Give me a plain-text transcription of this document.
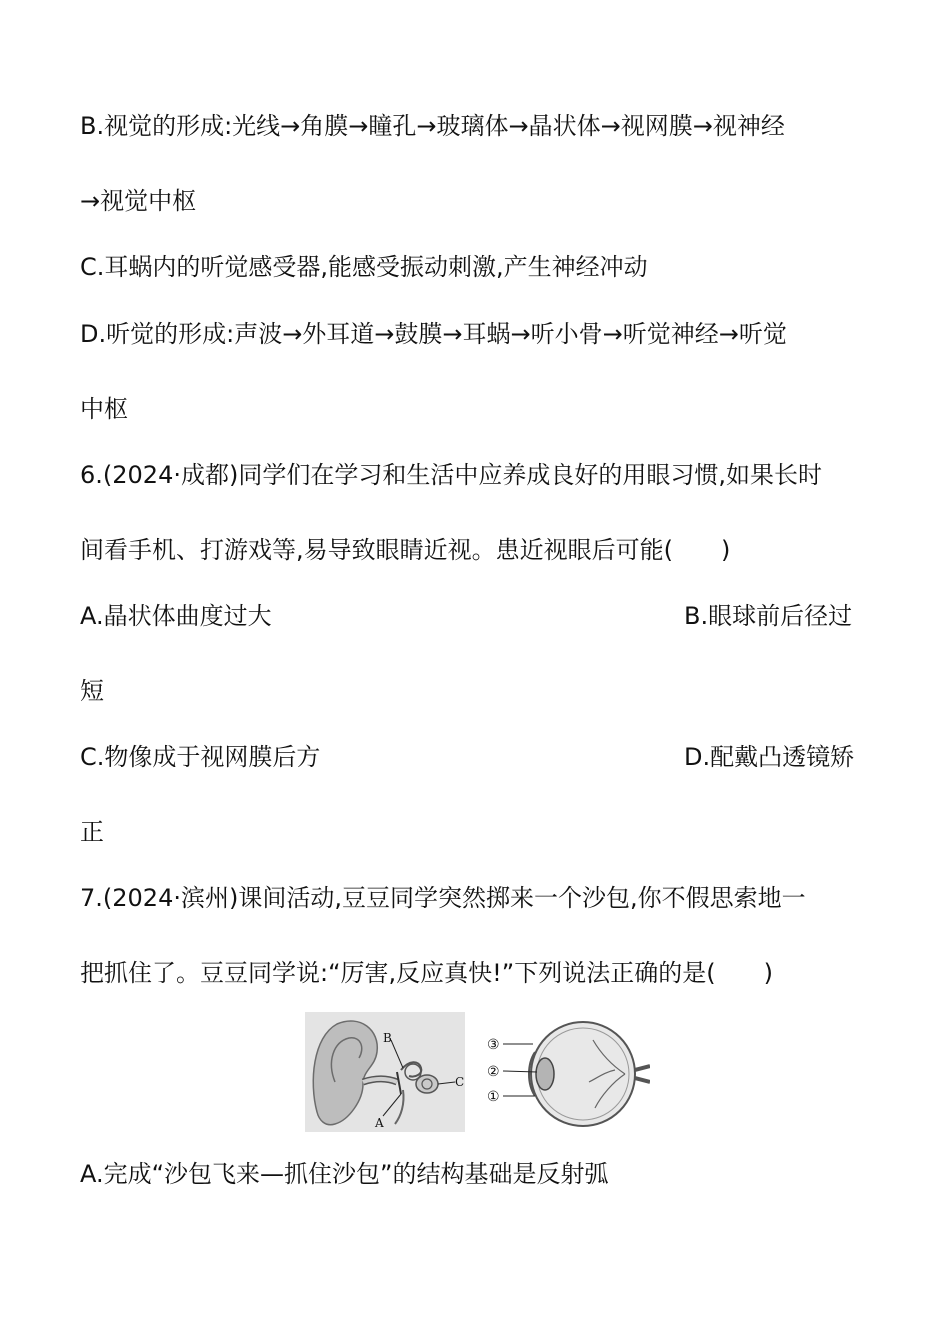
B.视觉的形成:光线→角膜→瞳孔→玻璃体→晶状体→视网膜→视神经
→视觉中枢
C.耳蜗内的听觉感受器,能感受振动刺激,产生神经冲动
D.听觉的形成:声波→外耳道→鼓膜→耳蜗→听小骨→听觉神经→听觉
中枢
6.(2024·成都)同学们在学习和生活中应养成良好的用眼习惯,如果长时
间看手机、打游戏等,易导致眼睛近视。患近视眼后可能(　　)
A.晶状体曲度过大	B.眼球前后径过
短
C.物像成于视网膜后方	D.配戴凸透镜矫
正
7.(2024·滨州)课间活动,豆豆同学突然掷来一个沙包,你不假思索地一
把抓住了。豆豆同学说:“厉害,反应真快!”下列说法正确的是(　　)
B
C
A
③
②
①
A.完成“沙包飞来—抓住沙包”的结构基础是反射弧
